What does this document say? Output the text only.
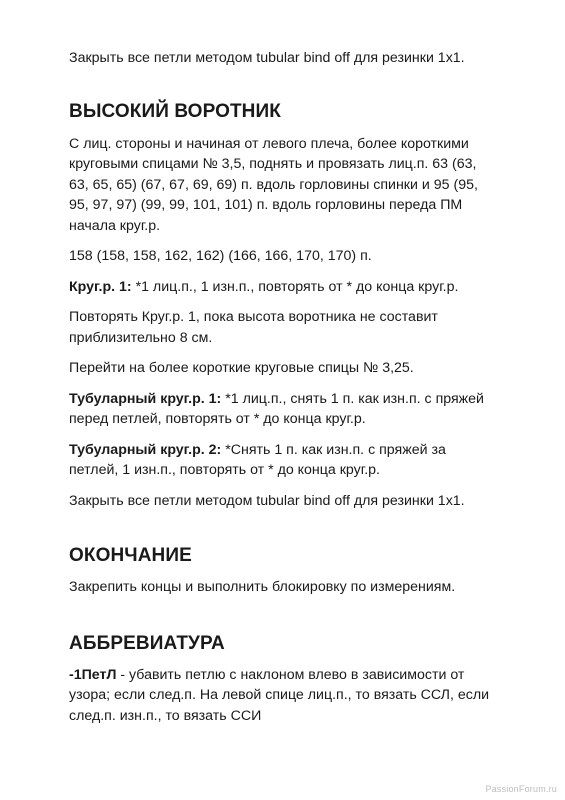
Закрыть все петли методом tubular bind off для резинки 1х1.

ВЫСОКИЙ ВОРОТНИК

С лиц. стороны и начиная от левого плеча, более короткими круговыми спицами № 3,5, поднять и провязать лиц.п. 63 (63, 63, 65, 65) (67, 67, 69, 69) п. вдоль горловины спинки и 95 (95, 95, 97, 97) (99, 99, 101, 101) п. вдоль горловины переда ПМ начала круг.р.

158 (158, 158, 162, 162) (166, 166, 170, 170) п.

Круг.р. 1: *1 лиц.п., 1 изн.п., повторять от * до конца круг.р.

Повторять Круг.р. 1, пока высота воротника не составит приблизительно 8 см.

Перейти на более короткие круговые спицы № 3,25.

Тубуларный круг.р. 1: *1 лиц.п., снять 1 п. как изн.п. с пряжей перед петлей, повторять от * до конца круг.р.

Тубуларный круг.р. 2: *Снять 1 п. как изн.п. с пряжей за петлей, 1 изн.п., повторять от * до конца круг.р.

Закрыть все петли методом tubular bind off для резинки 1х1.

ОКОНЧАНИЕ

Закрепить концы и выполнить блокировку по измерениям.

АББРЕВИАТУРА

-1ПетЛ - убавить петлю с наклоном влево в зависимости от узора; если след.п. На левой спице лиц.п., то вязать ССЛ, если след.п. изн.п., то вязать ССИ

PassionForum.ru
